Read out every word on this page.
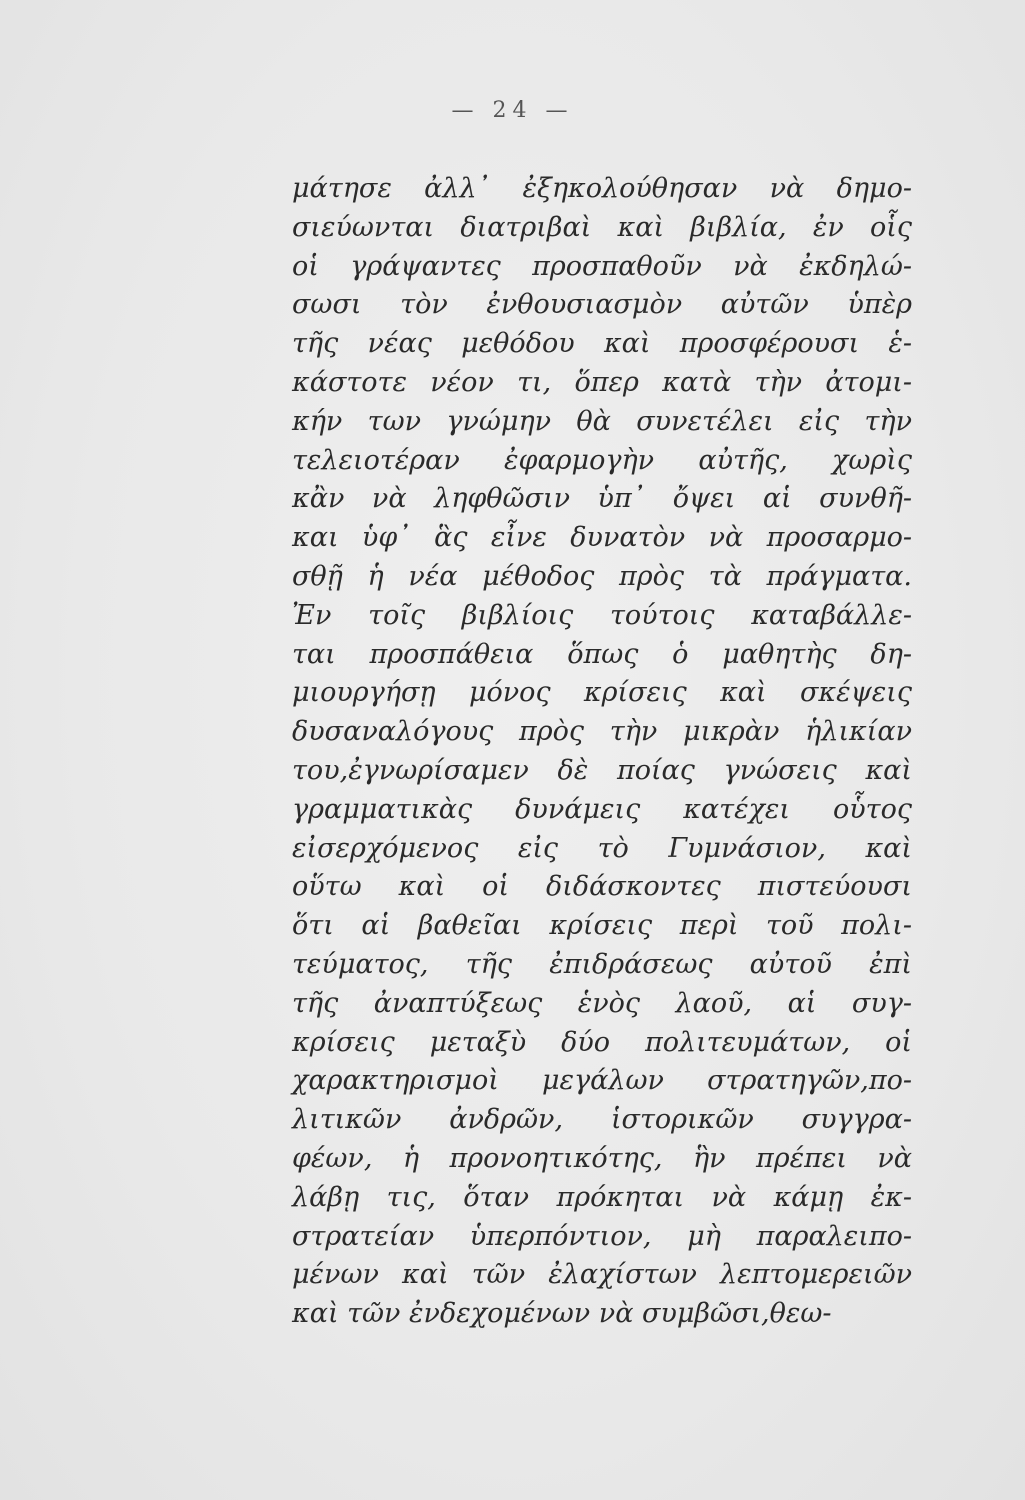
— 24 —
μάτησε ἀλλ᾽ ἐξηκολούθησαν νὰ δημο-
σιεύωνται διατριβαὶ καὶ βιβλία, ἐν οἷς
οἱ γράψαντες προσπαθοῦν νὰ ἐκδηλώ-
σωσι τὸν ἐνθουσιασμὸν αὐτῶν ὑπὲρ
τῆς νέας μεθόδου καὶ προσφέρουσι ἑ-
κάστοτε νέον τι, ὅπερ κατὰ τὴν ἀτομι-
κήν των γνώμην θὰ συνετέλει εἰς τὴν
τελειοτέραν ἐφαρμογὴν αὐτῆς, χωρὶς
κἂν νὰ ληφθῶσιν ὑπ᾽ ὄψει αἱ συνθῆ-
και ὑφ᾽ ἃς εἶνε δυνατὸν νὰ προσαρμο-
σθῇ ἡ νέα μέθοδος πρὸς τὰ πράγματα.
Ἐν τοῖς βιβλίοις τούτοις καταβάλλε-
ται προσπάθεια ὅπως ὁ μαθητὴς δη-
μιουργήσῃ μόνος κρίσεις καὶ σκέψεις
δυσαναλόγους πρὸς τὴν μικρὰν ἡλικίαν
του,ἐγνωρίσαμεν δὲ ποίας γνώσεις καὶ
γραμματικὰς δυνάμεις κατέχει οὗτος
εἰσερχόμενος εἰς τὸ Γυμνάσιον, καὶ
οὕτω καὶ οἱ διδάσκοντες πιστεύουσι
ὅτι αἱ βαθεῖαι κρίσεις περὶ τοῦ πολι-
τεύματος, τῆς ἐπιδράσεως αὐτοῦ ἐπὶ
τῆς ἀναπτύξεως ἑνὸς λαοῦ, αἱ συγ-
κρίσεις μεταξὺ δύο πολιτευμάτων, οἱ
χαρακτηρισμοὶ μεγάλων στρατηγῶν,πο-
λιτικῶν ἀνδρῶν, ἱστορικῶν συγγρα-
φέων, ἡ προνοητικότης, ἣν πρέπει νὰ
λάβῃ τις, ὅταν πρόκηται νὰ κάμῃ ἐκ-
στρατείαν ὑπερπόντιον, μὴ παραλειπο-
μένων καὶ τῶν ἐλαχίστων λεπτομερειῶν
καὶ τῶν ἐνδεχομένων νὰ συμβῶσι,θεω-
